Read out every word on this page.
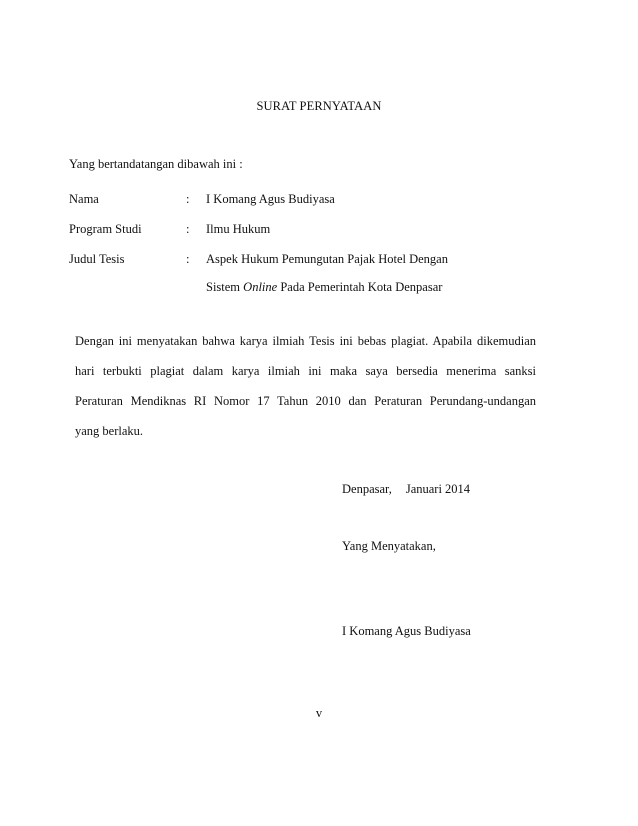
SURAT PERNYATAAN
Yang bertandatangan dibawah ini :
Nama	: I Komang Agus Budiyasa
Program Studi	: Ilmu Hukum
Judul Tesis	: Aspek Hukum Pemungutan Pajak Hotel Dengan
Sistem Online Pada Pemerintah Kota Denpasar
Dengan ini menyatakan bahwa karya ilmiah Tesis ini bebas plagiat. Apabila dikemudian
hari terbukti plagiat dalam karya ilmiah ini maka saya bersedia menerima sanksi
Peraturan Mendiknas RI Nomor 17 Tahun 2010 dan Peraturan Perundang-undangan
yang berlaku.
Denpasar, Januari 2014
Yang Menyatakan,
I Komang Agus Budiyasa
v
